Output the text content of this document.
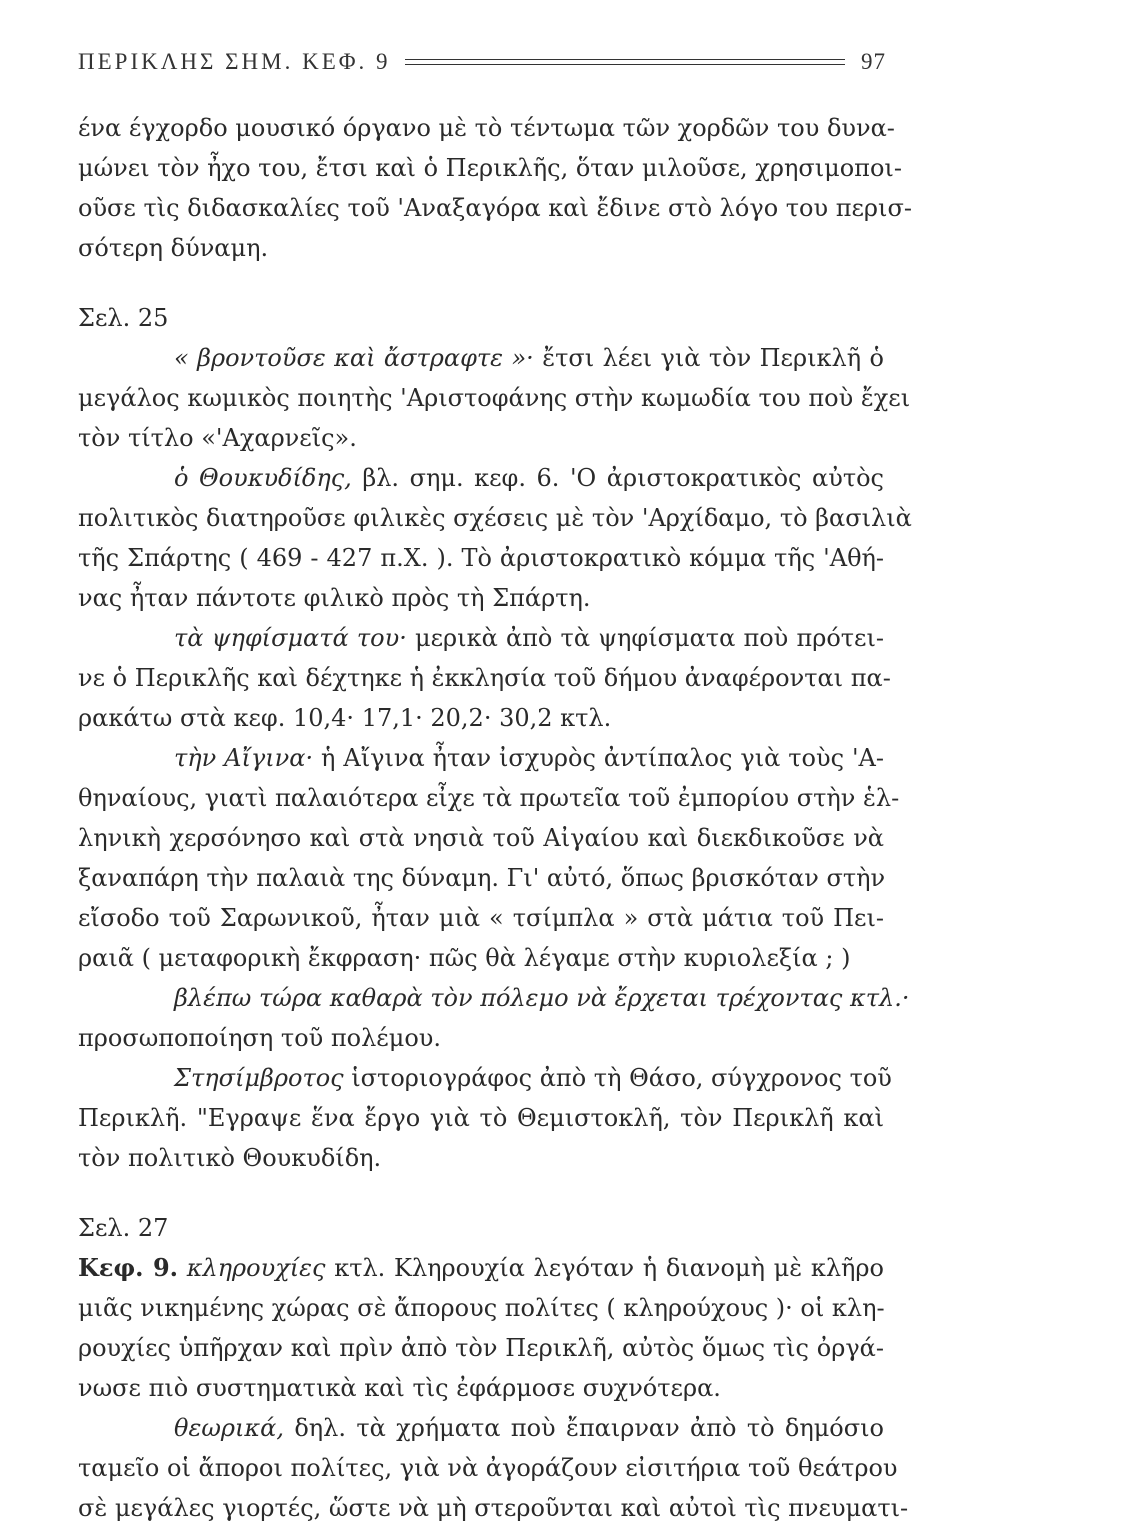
ΠΕΡΙΚΛΗΣ ΣΗΜ. ΚΕΦ. 9	97
ένα έγχορδο μουσικό όργανο μὲ τὸ τέντωμα τῶν χορδῶν του δυνα-
μώνει τὸν ἦχο του, ἔτσι καὶ ὁ Περικλῆς, ὅταν μιλοῦσε, χρησιμοποι-
οῦσε τὶς διδασκαλίες τοῦ 'Αναξαγόρα καὶ ἔδινε στὸ λόγο του περισ-
σότερη δύναμη.
Σελ. 25
« βροντοῦσε καὶ ἄστραφτε »· ἔτσι λέει γιὰ τὸν Περικλῆ ὁ
μεγάλος κωμικὸς ποιητὴς 'Αριστοφάνης στὴν κωμωδία του ποὺ ἔχει
τὸν τίτλο «'Αχαρνεῖς».
ὁ Θουκυδίδης, βλ. σημ. κεφ. 6. 'Ο ἀριστοκρατικὸς αὐτὸς
πολιτικὸς διατηροῦσε φιλικὲς σχέσεις μὲ τὸν 'Αρχίδαμο, τὸ βασιλιὰ
τῆς Σπάρτης ( 469 - 427 π.Χ. ). Τὸ ἀριστοκρατικὸ κόμμα τῆς 'Αθή-
νας ἦταν πάντοτε φιλικὸ πρὸς τὴ Σπάρτη.
τὰ ψηφίσματά του· μερικὰ ἀπὸ τὰ ψηφίσματα ποὺ πρότει-
νε ὁ Περικλῆς καὶ δέχτηκε ἡ ἐκκλησία τοῦ δήμου ἀναφέρονται πα-
ρακάτω στὰ κεφ. 10,4· 17,1· 20,2· 30,2 κτλ.
τὴν Αἴγινα· ἡ Αἴγινα ἦταν ἰσχυρὸς ἀντίπαλος γιὰ τοὺς 'Α-
θηναίους, γιατὶ παλαιότερα εἶχε τὰ πρωτεῖα τοῦ ἐμπορίου στὴν ἑλ-
ληνικὴ χερσόνησο καὶ στὰ νησιὰ τοῦ Αἰγαίου καὶ διεκδικοῦσε νὰ
ξαναπάρη τὴν παλαιὰ της δύναμη. Γι' αὐτό, ὅπως βρισκόταν στὴν
εἴσοδο τοῦ Σαρωνικοῦ, ἦταν μιὰ « τσίμπλα » στὰ μάτια τοῦ Πει-
ραιᾶ ( μεταφορικὴ ἔκφραση· πῶς θὰ λέγαμε στὴν κυριολεξία ; )
βλέπω τώρα καθαρὰ τὸν πόλεμο νὰ ἔρχεται τρέχοντας κτλ.·
προσωποποίηση τοῦ πολέμου.
Στησίμβροτος ἱστοριογράφος ἀπὸ τὴ Θάσο, σύγχρονος τοῦ
Περικλῆ. "Εγραψε ἕνα ἔργο γιὰ τὸ Θεμιστοκλῆ, τὸν Περικλῆ καὶ
τὸν πολιτικὸ Θουκυδίδη.
Σελ. 27
Κεφ. 9. κληρουχίες κτλ. Κληρουχία λεγόταν ἡ διανομὴ μὲ κλῆρο
μιᾶς νικημένης χώρας σὲ ἄπορους πολίτες ( κληρούχους )· οἱ κλη-
ρουχίες ὑπῆρχαν καὶ πρὶν ἀπὸ τὸν Περικλῆ, αὐτὸς ὅμως τὶς ὀργά-
νωσε πιὸ συστηματικὰ καὶ τὶς ἐφάρμοσε συχνότερα.
θεωρικά, δηλ. τὰ χρήματα ποὺ ἔπαιρναν ἀπὸ τὸ δημόσιο
ταμεῖο οἱ ἄποροι πολίτες, γιὰ νὰ ἀγοράζουν εἰσιτήρια τοῦ θεάτρου
σὲ μεγάλες γιορτές, ὥστε νὰ μὴ στεροῦνται καὶ αὐτοὶ τὶς πνευματι-
